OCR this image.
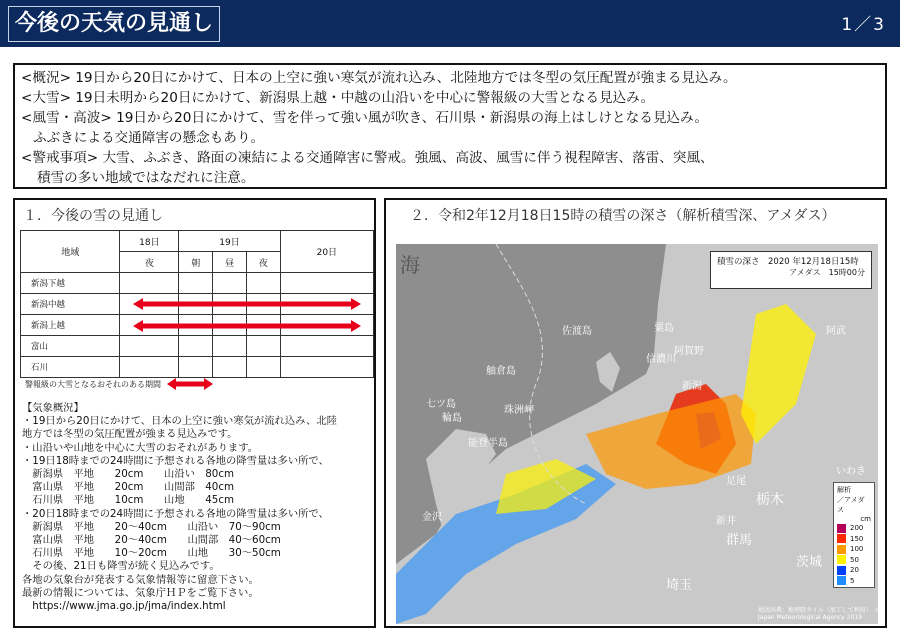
今後の天気の見通し	1／3
<概況> 19日から20日にかけて、日本の上空に強い寒気が流れ込み、北陸地方では冬型の気圧配置が強まる見込み。
<大雪> 19日未明から20日にかけて、新潟県上越・中越の山沿いを中心に警報級の大雪となる見込み。
<風雪・高波> 19日から20日にかけて、雪を伴って強い風が吹き、石川県・新潟県の海上はしけとなる見込み。
ふぶきによる交通障害の懸念もあり。
<警戒事項> 大雪、ふぶき、路面の凍結による交通障害に警戒。強風、高波、風雪に伴う視程障害、落雷、突風、
積雪の多い地域ではなだれに注意。
１．今後の雪の見通し
地域	18日	19日			20日
	夜	朝	昼	夜	
新潟下越					
新潟中越					
新潟上越					
富山					
石川					
警報級の大雪となるおそれのある期間
【気象概況】
・19日から20日にかけて、日本の上空に強い寒気が流れ込み、北陸
地方では冬型の気圧配置が強まる見込みです。
・山沿いや山地を中心に大雪のおそれがあります。
・19日18時までの24時間に予想される各地の降雪量は多い所で、
　新潟県　平地　　20cm　　山沿い　80cm
　富山県　平地　　20cm　　山間部　40cm
　石川県　平地　　10cm　　山地　　45cm
・20日18時までの24時間に予想される各地の降雪量は多い所で、
　新潟県　平地　　20～40cm　　山沿い　70～90cm
　富山県　平地　　20～40cm　　山間部　40～60cm
　石川県　平地　　10～20cm　　山地　　30～50cm
　その後、21日も降雪が続く見込みです。
各地の気象台が発表する気象情報等に留意下さい。
最新の情報については、気象庁ＨＰをご覧下さい。
　https://www.jma.go.jp/jma/index.html
２．令和2年12月18日15時の積雪の深さ（解析積雪深、アメダス）
海
粟島
佐渡島
舳倉島
七ツ島
輪島
珠洲岬
能登半島
金沢
新潟
栃木
群馬
新井
茨城
埼玉
足尾
いわき
阿武
阿賀野
信濃川
積雪の深さ　2020 年12月18日15時
アメダス　15時00分
解析
／アメダス
cm
200
150
100
50
20
5
地図出典：地理院タイル（加工して利用）　© Japan Meteorological Agency 2019
